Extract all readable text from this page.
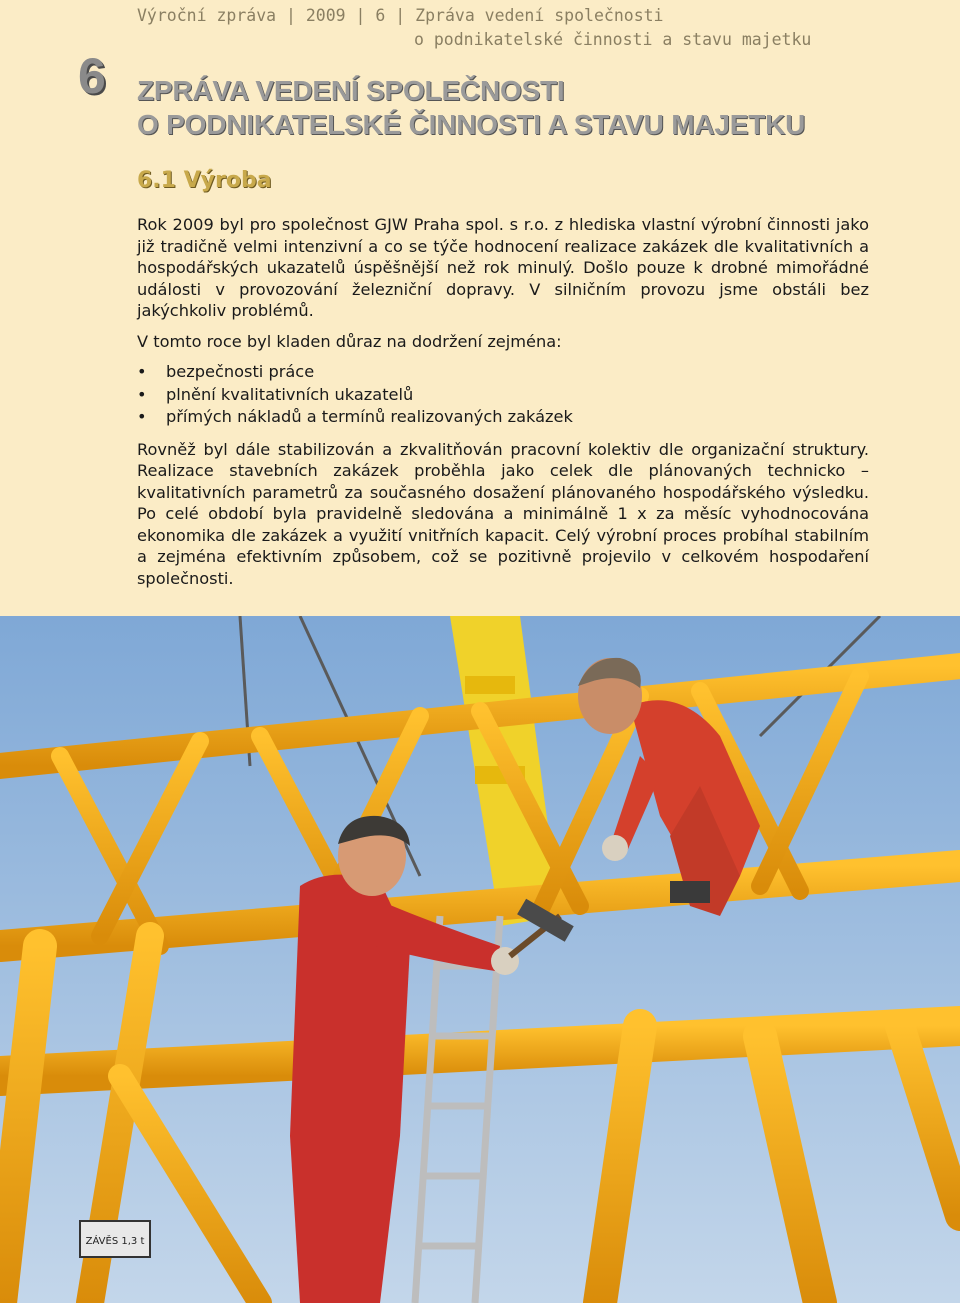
Výroční zpráva | 2009 | 6 | Zpráva vedení společnosti
o podnikatelské činnosti a stavu majetku
6 ZPRÁVA VEDENÍ SPOLEČNOSTI
O PODNIKATELSKÉ ČINNOSTI A STAVU MAJETKU
6.1 Výroba

Rok 2009 byl pro společnost GJW Praha spol. s r.o. z hlediska vlastní výrobní činnosti jako již tradičně velmi intenzivní a co se týče hodnocení realizace zakázek dle kvalitativních a hospodářských ukazatelů úspěšnější než rok minulý. Došlo pouze k drobné mimořádné události v provozování železniční dopravy. V silničním provozu jsme obstáli bez jakýchkoliv problémů.

V tomto roce byl kladen důraz na dodržení zejména:

• bezpečnosti práce
• plnění kvalitativních ukazatelů
• přímých nákladů a termínů realizovaných zakázek

Rovněž byl dále stabilizován a zkvalitňován pracovní kolektiv dle organizační struktury. Realizace stavebních zakázek proběhla jako celek dle plánovaných technicko – kvalitativních parametrů za současného dosažení plánovaného hospodářského výsledku. Po celé období byla pravidelně sledována a minimálně 1 x za měsíc vyhodnocována ekonomika dle zakázek a využití vnitřních kapacit. Celý výrobní proces probíhal stabilním a zejména efektivním způsobem, což se pozitivně projevilo v celkovém hospodaření společnosti.

ZÁVĚS 1,3 t
